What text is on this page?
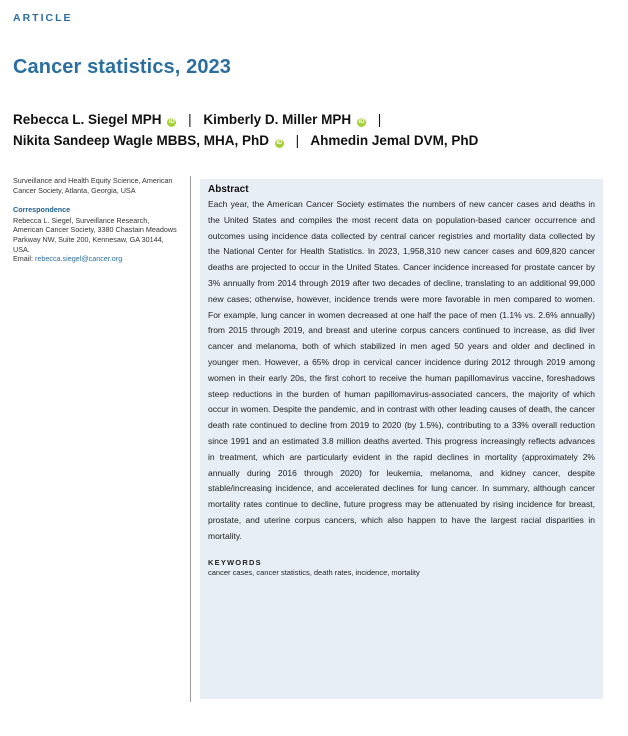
ARTICLE
Cancer statistics, 2023
Rebecca L. Siegel MPH iD | Kimberly D. Miller MPH iD |
Nikita Sandeep Wagle MBBS, MHA, PhD iD | Ahmedin Jemal DVM, PhD
Surveillance and Health Equity Science, American Cancer Society, Atlanta, Georgia, USA
Correspondence
Rebecca L. Siegel, Surveillance Research, American Cancer Society, 3380 Chastain Meadows Parkway NW, Suite 200, Kennesaw, GA 30144, USA.
Email: rebecca.siegel@cancer.org
Abstract
Each year, the American Cancer Society estimates the numbers of new cancer cases and deaths in the United States and compiles the most recent data on population-based cancer occurrence and outcomes using incidence data collected by central cancer registries and mortality data collected by the National Center for Health Statistics. In 2023, 1,958,310 new cancer cases and 609,820 cancer deaths are projected to occur in the United States. Cancer incidence increased for prostate cancer by 3% annually from 2014 through 2019 after two decades of decline, translating to an additional 99,000 new cases; otherwise, however, incidence trends were more favorable in men compared to women. For example, lung cancer in women decreased at one half the pace of men (1.1% vs. 2.6% annually) from 2015 through 2019, and breast and uterine corpus cancers continued to increase, as did liver cancer and melanoma, both of which stabilized in men aged 50 years and older and declined in younger men. However, a 65% drop in cervical cancer incidence during 2012 through 2019 among women in their early 20s, the first cohort to receive the human papillomavirus vaccine, foreshadows steep reductions in the burden of human papillomavirus-associated cancers, the majority of which occur in women. Despite the pandemic, and in contrast with other leading causes of death, the cancer death rate continued to decline from 2019 to 2020 (by 1.5%), contributing to a 33% overall reduction since 1991 and an estimated 3.8 million deaths averted. This progress increasingly reflects advances in treatment, which are particularly evident in the rapid declines in mortality (approximately 2% annually during 2016 through 2020) for leukemia, melanoma, and kidney cancer, despite stable/increasing incidence, and accelerated declines for lung cancer. In summary, although cancer mortality rates continue to decline, future progress may be attenuated by rising incidence for breast, prostate, and uterine corpus cancers, which also happen to have the largest racial disparities in mortality.
KEYWORDS
cancer cases, cancer statistics, death rates, incidence, mortality
